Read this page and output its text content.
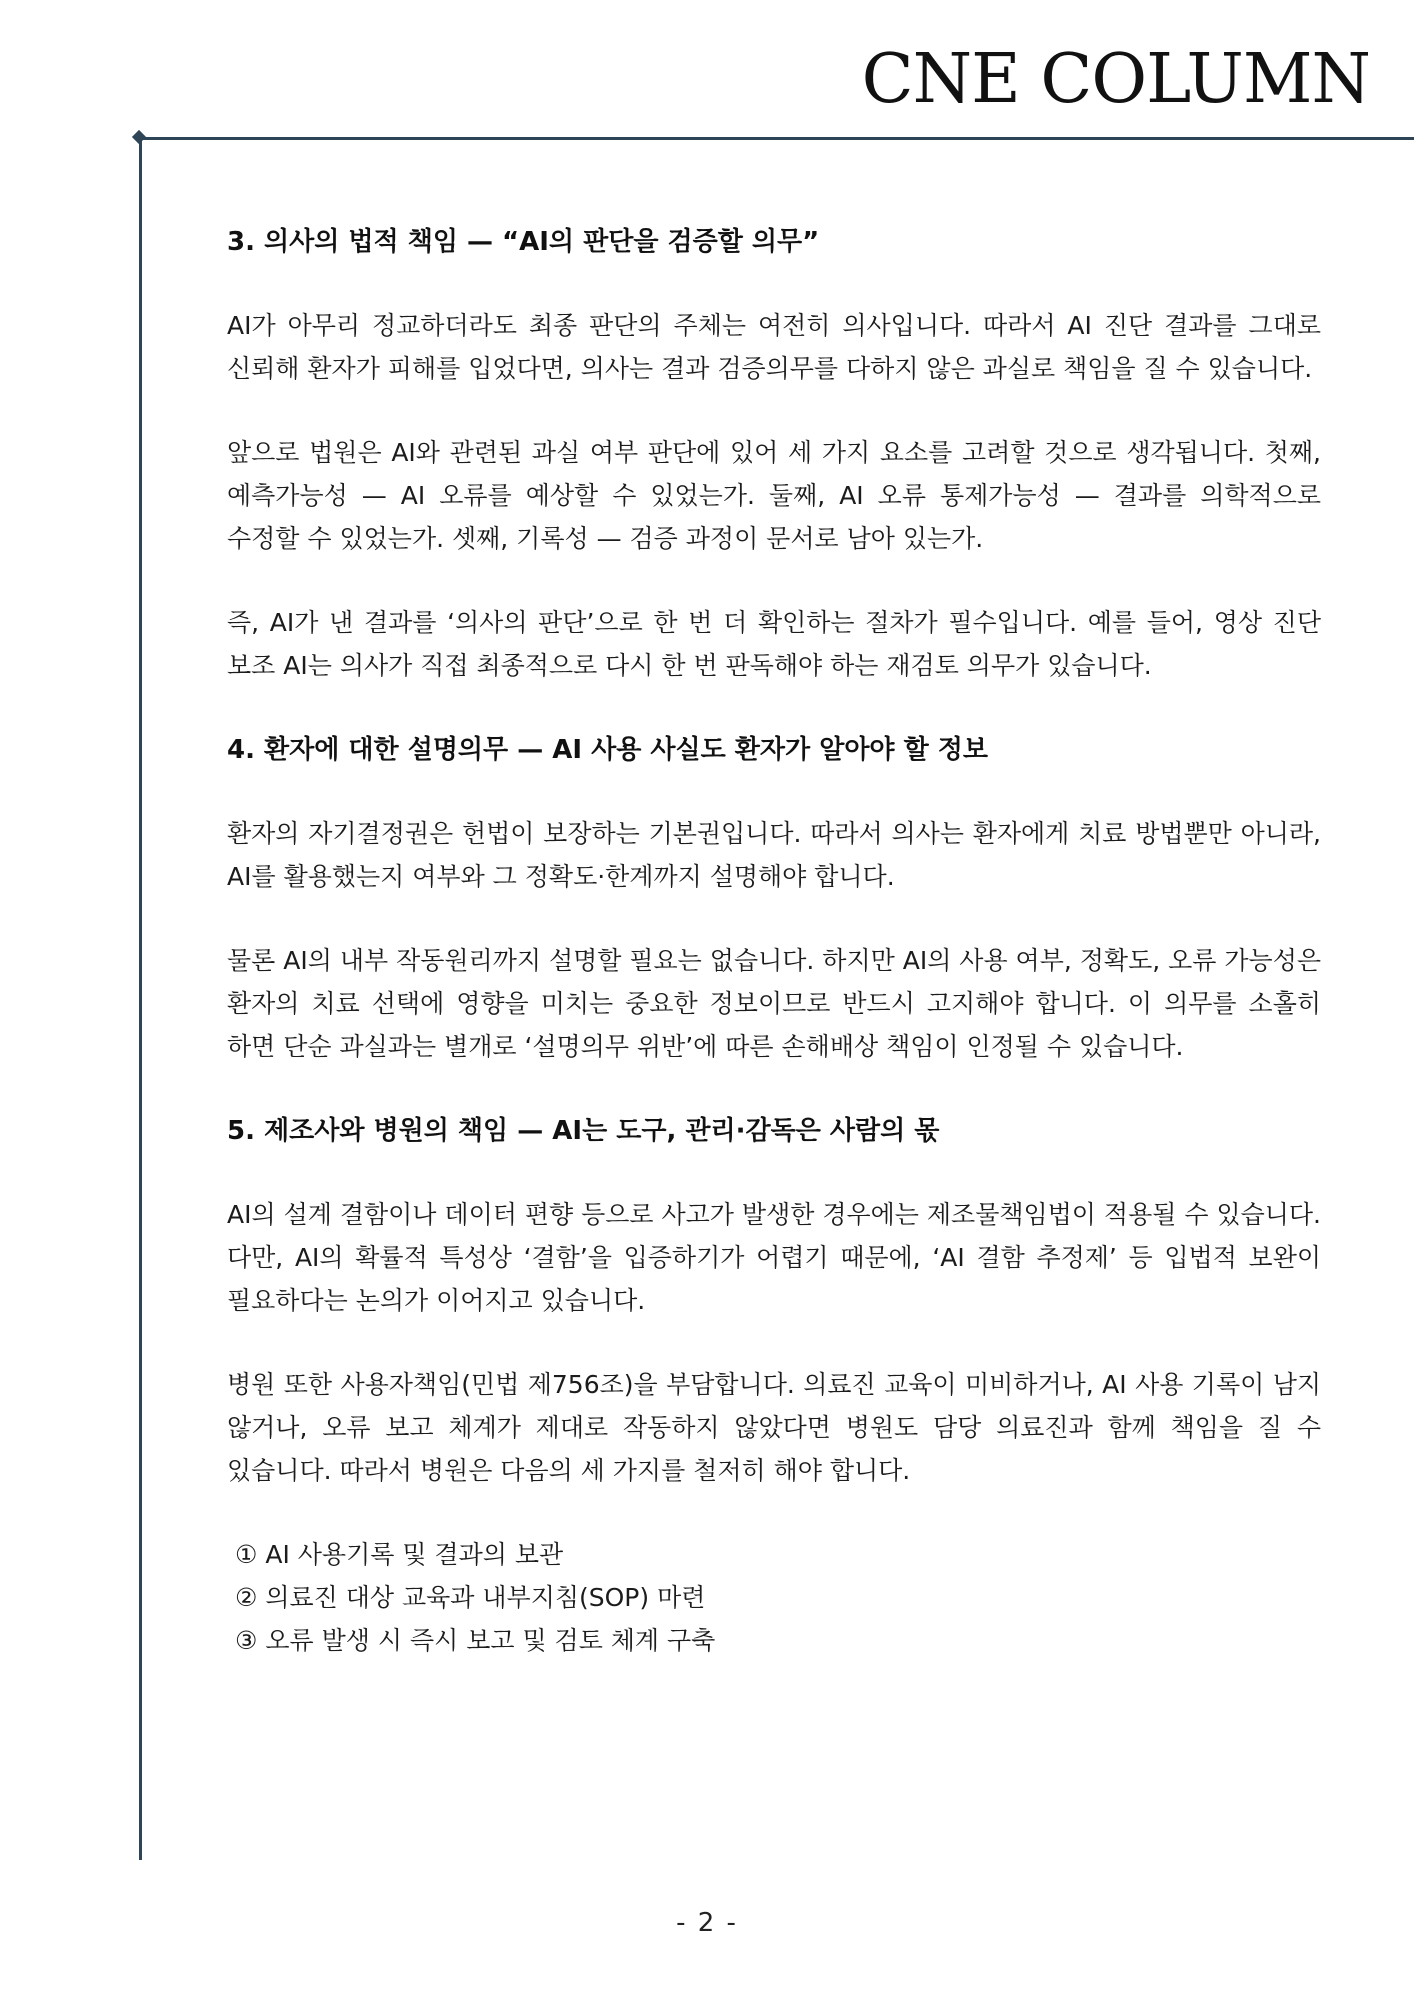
CNE COLUMN
3. 의사의 법적 책임 — “AI의 판단을 검증할 의무”

AI가 아무리 정교하더라도 최종 판단의 주체는 여전히 의사입니다. 따라서 AI 진단 결과를 그대로 신뢰해 환자가 피해를 입었다면, 의사는 결과 검증의무를 다하지 않은 과실로 책임을 질 수 있습니다.

앞으로 법원은 AI와 관련된 과실 여부 판단에 있어 세 가지 요소를 고려할 것으로 생각됩니다. 첫째, 예측가능성 — AI 오류를 예상할 수 있었는가. 둘째, AI 오류 통제가능성 — 결과를 의학적으로 수정할 수 있었는가. 셋째, 기록성 — 검증 과정이 문서로 남아 있는가.

즉, AI가 낸 결과를 ‘의사의 판단’으로 한 번 더 확인하는 절차가 필수입니다. 예를 들어, 영상 진단 보조 AI는 의사가 직접 최종적으로 다시 한 번 판독해야 하는 재검토 의무가 있습니다.

4. 환자에 대한 설명의무 — AI 사용 사실도 환자가 알아야 할 정보

환자의 자기결정권은 헌법이 보장하는 기본권입니다. 따라서 의사는 환자에게 치료 방법뿐만 아니라, AI를 활용했는지 여부와 그 정확도·한계까지 설명해야 합니다.

물론 AI의 내부 작동원리까지 설명할 필요는 없습니다. 하지만 AI의 사용 여부, 정확도, 오류 가능성은 환자의 치료 선택에 영향을 미치는 중요한 정보이므로 반드시 고지해야 합니다. 이 의무를 소홀히 하면 단순 과실과는 별개로 ‘설명의무 위반’에 따른 손해배상 책임이 인정될 수 있습니다.

5. 제조사와 병원의 책임 — AI는 도구, 관리·감독은 사람의 몫

AI의 설계 결함이나 데이터 편향 등으로 사고가 발생한 경우에는 제조물책임법이 적용될 수 있습니다. 다만, AI의 확률적 특성상 ‘결함’을 입증하기가 어렵기 때문에, ‘AI 결함 추정제’ 등 입법적 보완이 필요하다는 논의가 이어지고 있습니다.

병원 또한 사용자책임(민법 제756조)을 부담합니다. 의료진 교육이 미비하거나, AI 사용 기록이 남지 않거나, 오류 보고 체계가 제대로 작동하지 않았다면 병원도 담당 의료진과 함께 책임을 질 수 있습니다. 따라서 병원은 다음의 세 가지를 철저히 해야 합니다.

① AI 사용기록 및 결과의 보관
② 의료진 대상 교육과 내부지침(SOP) 마련
③ 오류 발생 시 즉시 보고 및 검토 체계 구축
- 2 -
